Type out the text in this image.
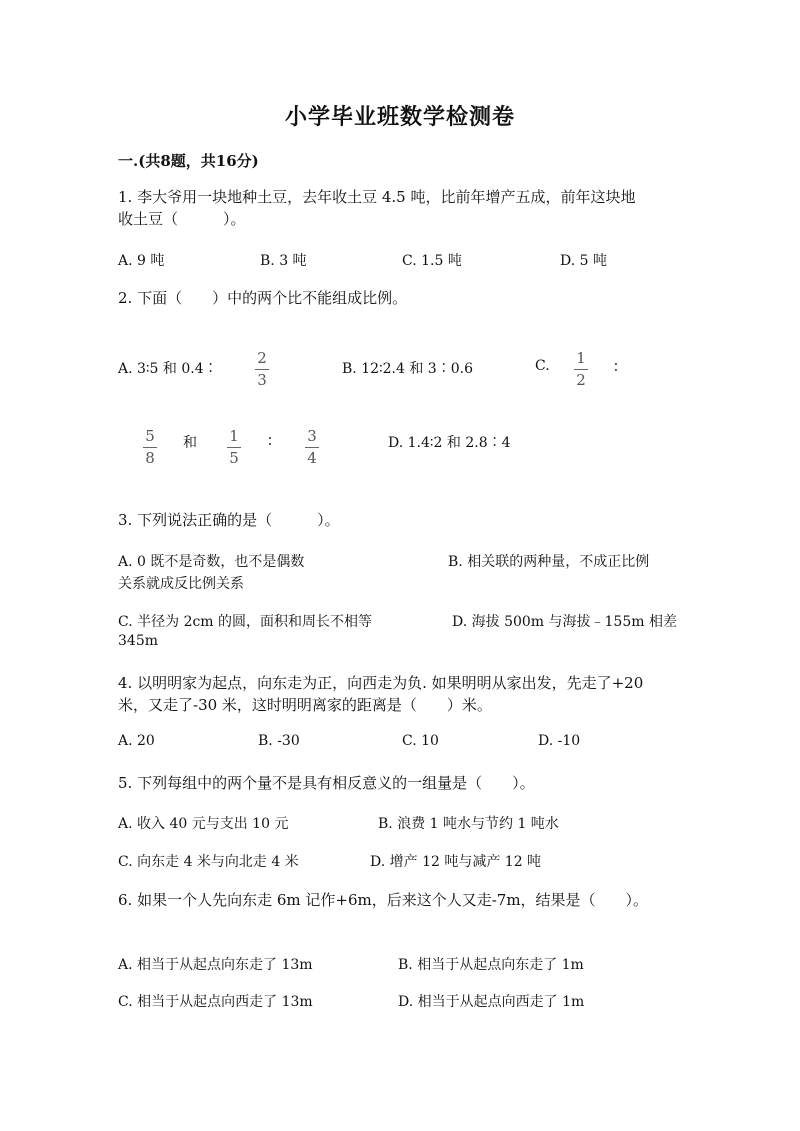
小学毕业班数学检测卷
一.(共8题，共16分)
1. 李大爷用一块地种土豆，去年收土豆 4.5 吨，比前年增产五成，前年这块地
收土豆（　　　）。
A. 9 吨	B. 3 吨	C. 1.5 吨	D. 5 吨
2. 下面（　　）中的两个比不能组成比例。
A. 3∶5 和 0.4∶
2
3
B. 12∶2.4 和 3∶0.6	C. 1
2
∶
5
8
和 1
5
∶ 3
4
D. 1.4∶2 和 2.8∶4
3. 下列说法正确的是（　　　）。
A. 0 既不是奇数，也不是偶数	B. 相关联的两种量，不成正比例
关系就成反比例关系
C. 半径为 2cm 的圆，面积和周长不相等	D. 海拔 500m 与海拔﹣155m 相差
345m
4. 以明明家为起点，向东走为正，向西走为负. 如果明明从家出发，先走了+20
米，又走了-30 米，这时明明离家的距离是（　　）米。
A. 20	B. -30	C. 10	D. -10
5. 下列每组中的两个量不是具有相反意义的一组量是（　　）。
A. 收入 40 元与支出 10 元	B. 浪费 1 吨水与节约 1 吨水
C. 向东走 4 米与向北走 4 米	D. 增产 12 吨与减产 12 吨
6. 如果一个人先向东走 6m 记作+6m，后来这个人又走-7m，结果是（　　）。
A. 相当于从起点向东走了 13m	B. 相当于从起点向东走了 1m
C. 相当于从起点向西走了 13m	D. 相当于从起点向西走了 1m
